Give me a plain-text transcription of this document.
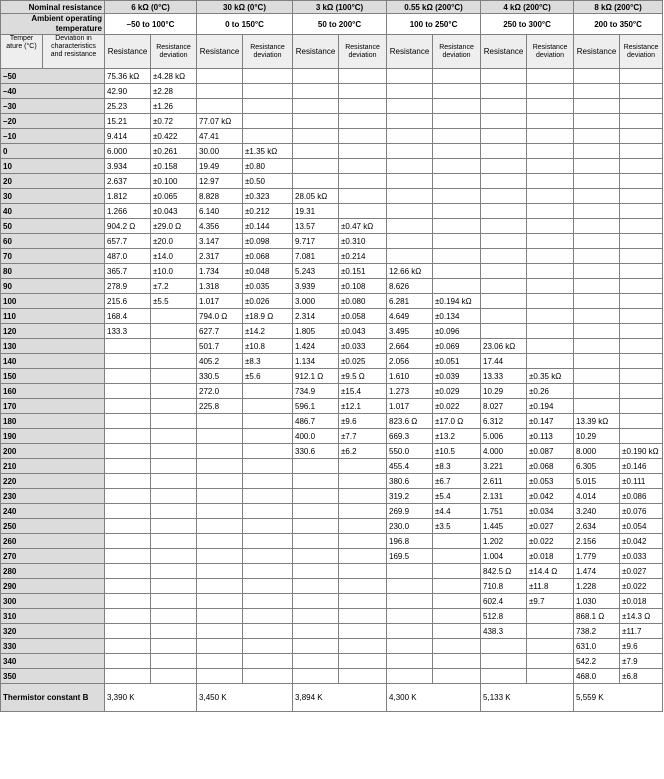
Nominal resistance		6 kΩ (0°C)		30 kΩ (0°C)		3 kΩ (100°C)		0.55 kΩ (200°C)		4 kΩ (200°C)		8 kΩ (200°C)	
Ambient operating temperature		–50 to 100°C		0 to 150°C		50 to 200°C		100 to 250°C		250 to 300°C		200 to 350°C	
Temper ature (°C)	Deviation in characteristics and resistance	Resistance	Resistance deviation	Resistance	Resistance deviation	Resistance	Resistance deviation	Resistance	Resistance deviation	Resistance	Resistance deviation	Resistance	Resistance deviation
–50		75.36 kΩ	±4.28 kΩ										
–40		42.90	±2.28										
–30		25.23	±1.26										
–20		15.21	±0.72	77.07 kΩ									
–10		9.414	±0.422	47.41									
0		6.000	±0.261	30.00	±1.35 kΩ								
10		3.934	±0.158	19.49	±0.80								
20		2.637	±0.100	12.97	±0.50								
30		1.812	±0.065	8.828	±0.323	28.05 kΩ							
40		1.266	±0.043	6.140	±0.212	19.31							
50		904.2 Ω	±29.0 Ω	4.356	±0.144	13.57	±0.47 kΩ						
60		657.7	±20.0	3.147	±0.098	9.717	±0.310						
70		487.0	±14.0	2.317	±0.068	7.081	±0.214						
80		365.7	±10.0	1.734	±0.048	5.243	±0.151	12.66 kΩ					
90		278.9	±7.2	1.318	±0.035	3.939	±0.108	8.626					
100		215.6	±5.5	1.017	±0.026	3.000	±0.080	6.281	±0.194 kΩ				
110		168.4		794.0 Ω	±18.9 Ω	2.314	±0.058	4.649	±0.134				
120		133.3		627.7	±14.2	1.805	±0.043	3.495	±0.096				
130				501.7	±10.8	1.424	±0.033	2.664	±0.069	23.06 kΩ			
140				405.2	±8.3	1.134	±0.025	2.056	±0.051	17.44			
150				330.5	±5.6	912.1 Ω	±9.5 Ω	1.610	±0.039	13.33	±0.35 kΩ		
160				272.0		734.9	±15.4	1.273	±0.029	10.29	±0.26		
170				225.8		596.1	±12.1	1.017	±0.022	8.027	±0.194		
180						486.7	±9.6	823.6 Ω	±17.0 Ω	6.312	±0.147	13.39 kΩ	
190						400.0	±7.7	669.3	±13.2	5.006	±0.113	10.29	
200						330.6	±6.2	550.0	±10.5	4.000	±0.087	8.000	±0.190 kΩ
210								455.4	±8.3	3.221	±0.068	6.305	±0.146
220								380.6	±6.7	2.611	±0.053	5.015	±0.111
230								319.2	±5.4	2.131	±0.042	4.014	±0.086
240								269.9	±4.4	1.751	±0.034	3.240	±0.076
250								230.0	±3.5	1.445	±0.027	2.634	±0.054
260								196.8		1.202	±0.022	2.156	±0.042
270								169.5		1.004	±0.018	1.779	±0.033
280										842.5 Ω	±14.4 Ω	1.474	±0.027
290										710.8	±11.8	1.228	±0.022
300										602.4	±9.7	1.030	±0.018
310										512.8		868.1 Ω	±14.3 Ω
320										438.3		738.2	±11.7
330												631.0	±9.6
340												542.2	±7.9
350												468.0	±6.8
Thermistor constant B		3,390 K		3,450 K		3,894 K		4,300 K		5,133 K		5,559 K	
